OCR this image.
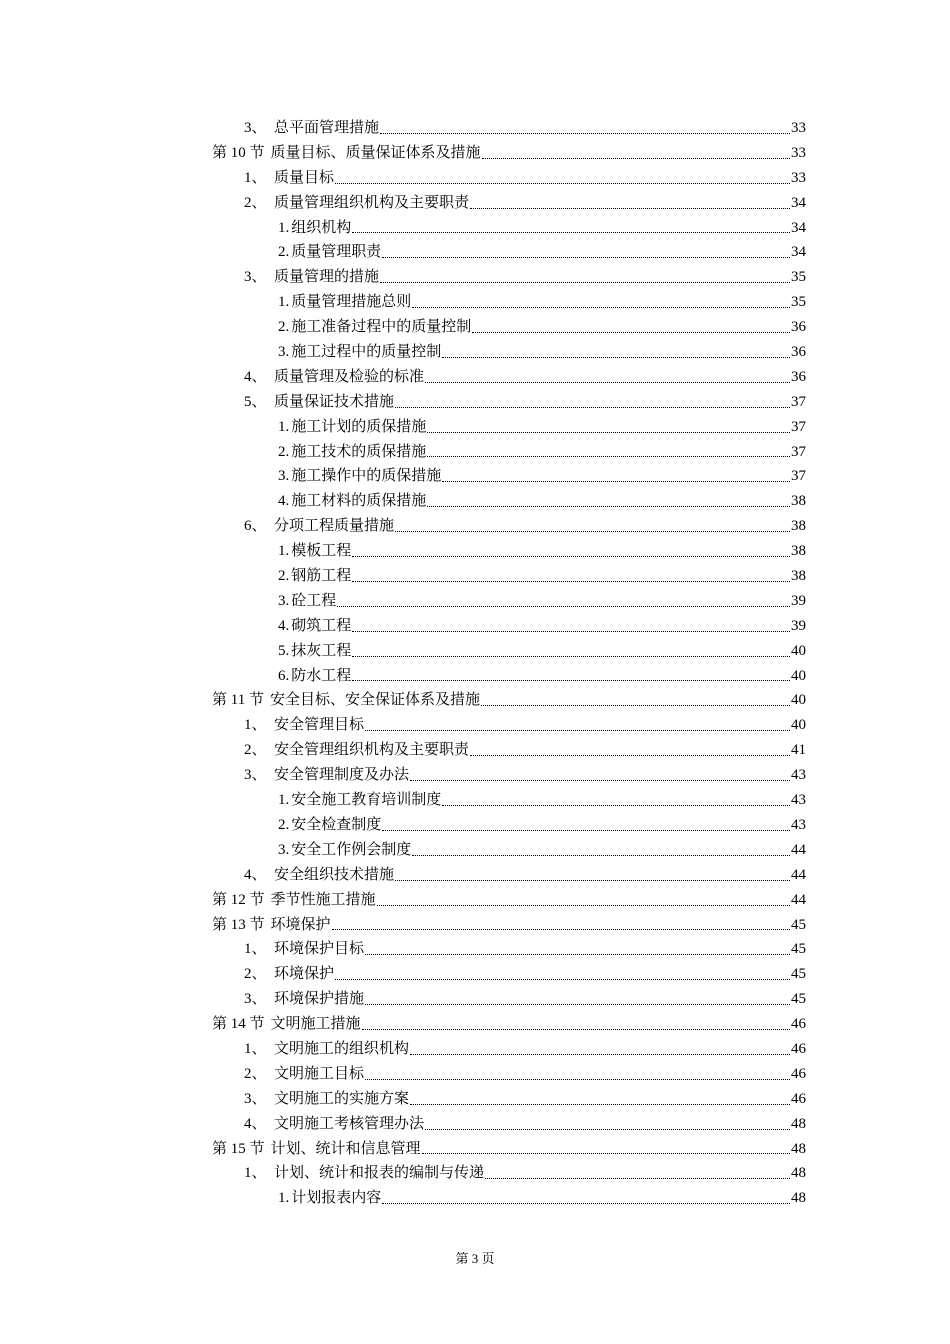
3、 总平面管理措施	33
第 10 节 质量目标、质量保证体系及措施	33
1、 质量目标	33
2、 质量管理组织机构及主要职责	34
1. 组织机构	34
2. 质量管理职责	34
3、 质量管理的措施	35
1. 质量管理措施总则	35
2. 施工准备过程中的质量控制	36
3. 施工过程中的质量控制	36
4、 质量管理及检验的标准	36
5、 质量保证技术措施	37
1. 施工计划的质保措施	37
2. 施工技术的质保措施	37
3. 施工操作中的质保措施	37
4. 施工材料的质保措施	38
6、 分项工程质量措施	38
1. 模板工程	38
2. 钢筋工程	38
3. 砼工程	39
4. 砌筑工程	39
5. 抹灰工程	40
6. 防水工程	40
第 11 节 安全目标、安全保证体系及措施	40
1、 安全管理目标	40
2、 安全管理组织机构及主要职责	41
3、 安全管理制度及办法	43
1. 安全施工教育培训制度	43
2. 安全检查制度	43
3. 安全工作例会制度	44
4、 安全组织技术措施	44
第 12 节 季节性施工措施	44
第 13 节 环境保护	45
1、 环境保护目标	45
2、 环境保护	45
3、 环境保护措施	45
第 14 节 文明施工措施	46
1、 文明施工的组织机构	46
2、 文明施工目标	46
3、 文明施工的实施方案	46
4、 文明施工考核管理办法	48
第 15 节 计划、统计和信息管理	48
1、 计划、统计和报表的编制与传递	48
1. 计划报表内容	48
第 3 页
